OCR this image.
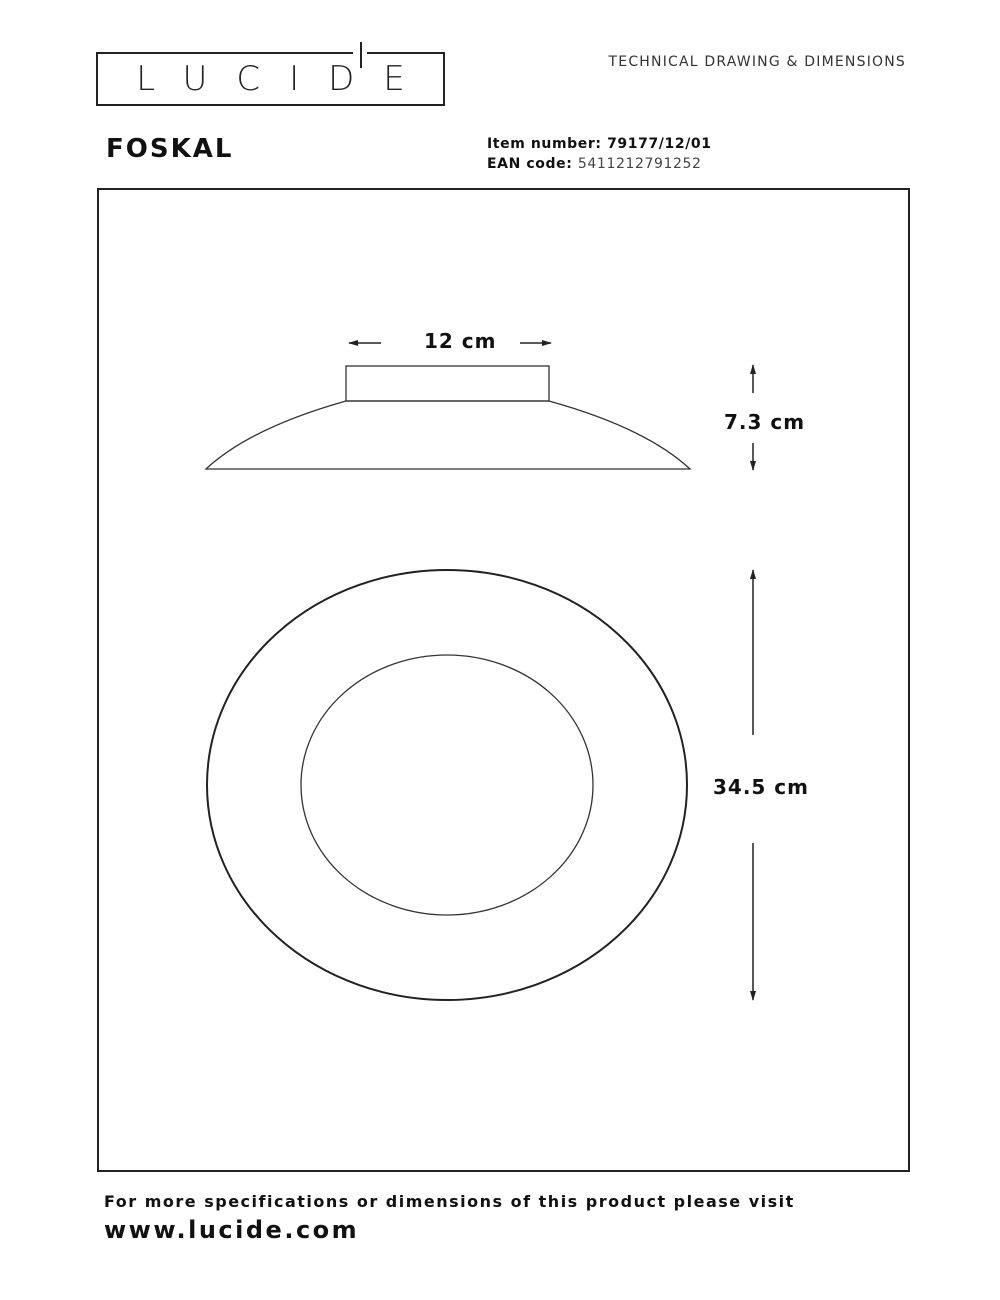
LUCIDE	TECHNICAL DRAWING & DIMENSIONS
FOSKAL	Item number: 79177/12/01
EAN code: 5411212791252
12 cm
7.3 cm
34.5 cm
For more specifications or dimensions of this product please visit
www.lucide.com
